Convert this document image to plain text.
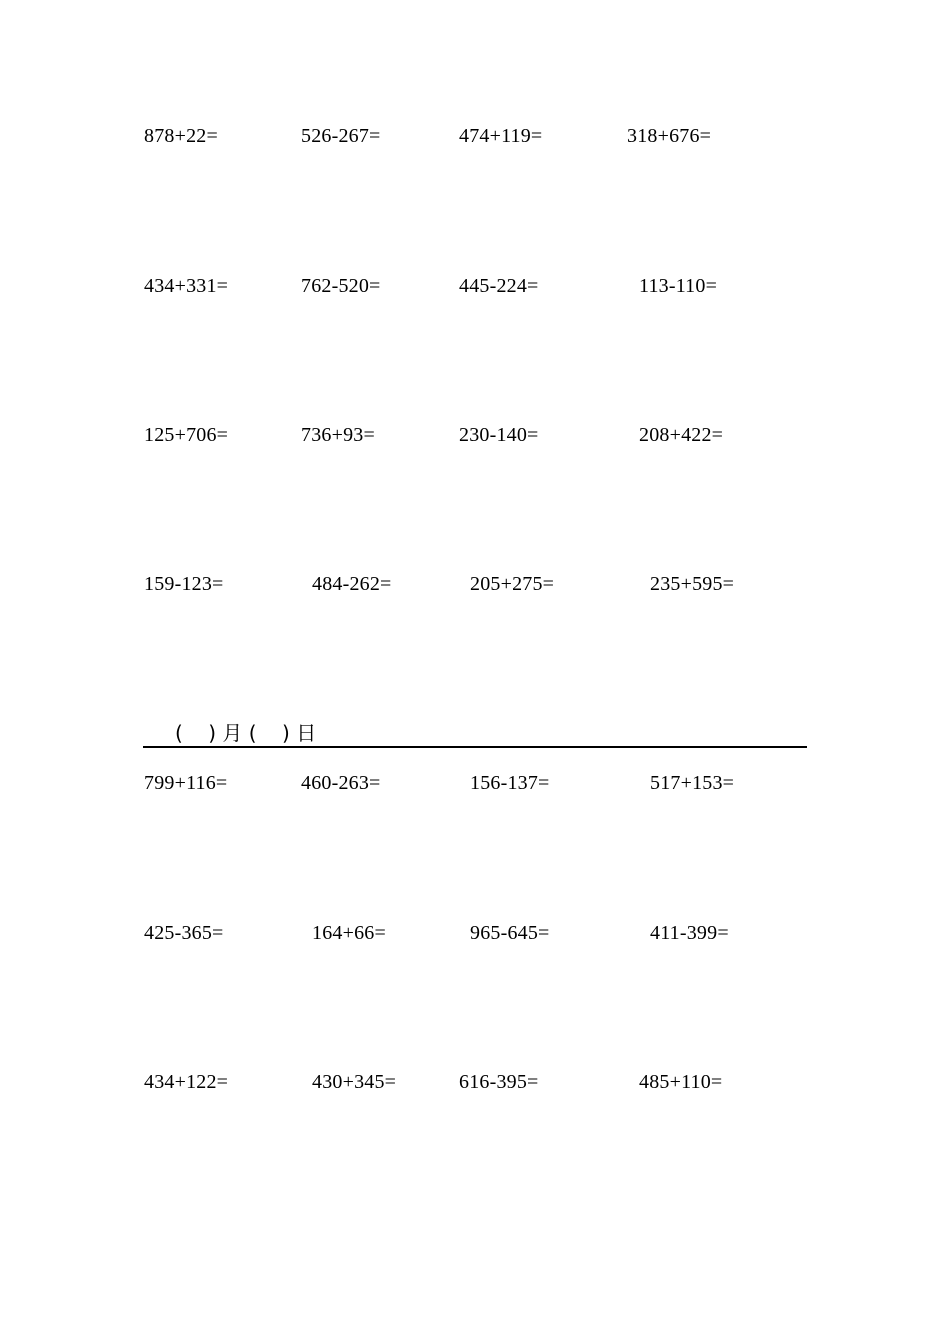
878+22=	526-267=	474+119=	318+676=
434+331=	762-520=	445-224=	113-110=
125+706=	736+93=	230-140=	208+422=
159-123=	484-262=	205+275=	235+595=
( ) 月 ( ) 日
799+116=	460-263=	156-137=	517+153=
425-365=	164+66=	965-645=	411-399=
434+122=	430+345=	616-395=	485+110=
